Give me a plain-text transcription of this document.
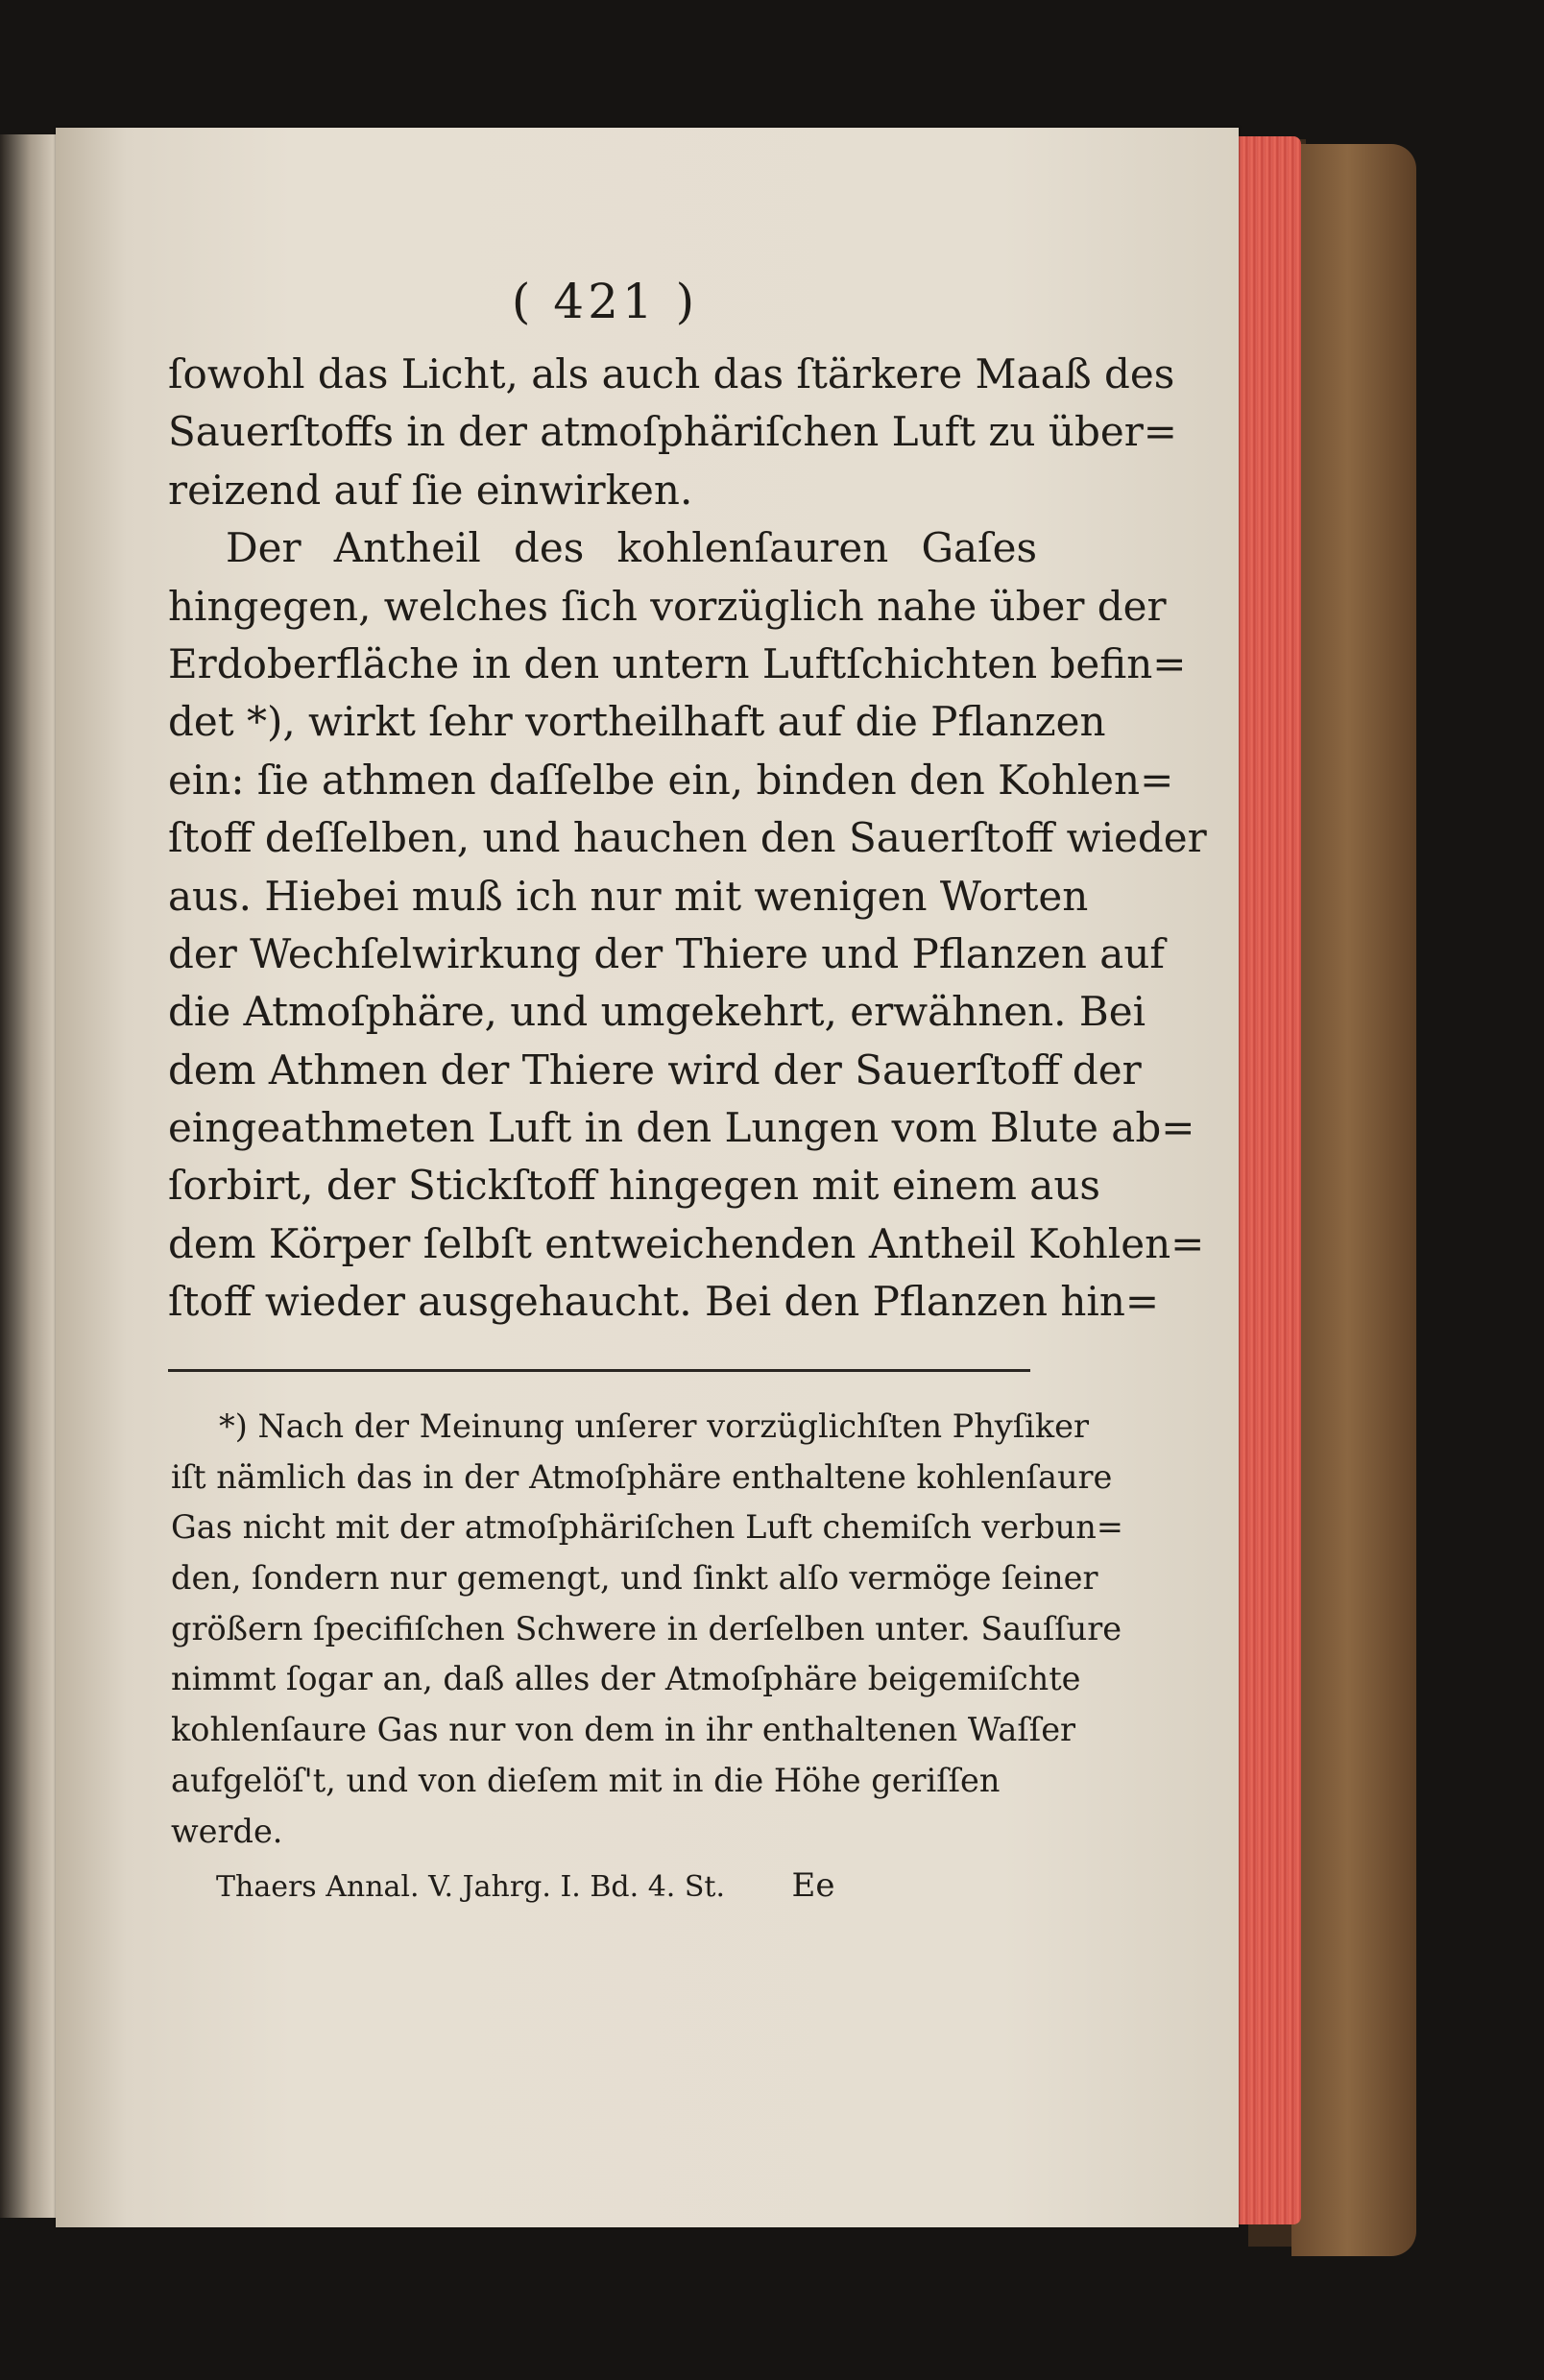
( 421 )
ſowohl das Licht, als auch das ſtärkere Maaß des
Sauerſtoffs in der atmoſphäriſchen Luft zu über=
reizend auf ſie einwirken.
Der Antheil des kohlenſauren Gaſes
hingegen, welches ſich vorzüglich nahe über der
Erdoberfläche in den untern Luftſchichten befin=
det *), wirkt ſehr vortheilhaft auf die Pflanzen
ein: ſie athmen daſſelbe ein, binden den Kohlen=
ſtoff deſſelben, und hauchen den Sauerſtoff wieder
aus. Hiebei muß ich nur mit wenigen Worten
der Wechſelwirkung der Thiere und Pflanzen auf
die Atmoſphäre, und umgekehrt, erwähnen. Bei
dem Athmen der Thiere wird der Sauerſtoff der
eingeathmeten Luft in den Lungen vom Blute ab=
ſorbirt, der Stickſtoff hingegen mit einem aus
dem Körper ſelbſt entweichenden Antheil Kohlen=
ſtoff wieder ausgehaucht. Bei den Pflanzen hin=
*) Nach der Meinung unſerer vorzüglichſten Phyſiker
iſt nämlich das in der Atmoſphäre enthaltene kohlenſaure
Gas nicht mit der atmoſphäriſchen Luft chemiſch verbun=
den, ſondern nur gemengt, und ſinkt alſo vermöge ſeiner
größern ſpecifiſchen Schwere in derſelben unter. Sauſſure
nimmt ſogar an, daß alles der Atmoſphäre beigemiſchte
kohlenſaure Gas nur von dem in ihr enthaltenen Waſſer
aufgelöſ't, und von dieſem mit in die Höhe geriſſen
werde.
Thaers Annal. V. Jahrg. I. Bd. 4. St. Ee
